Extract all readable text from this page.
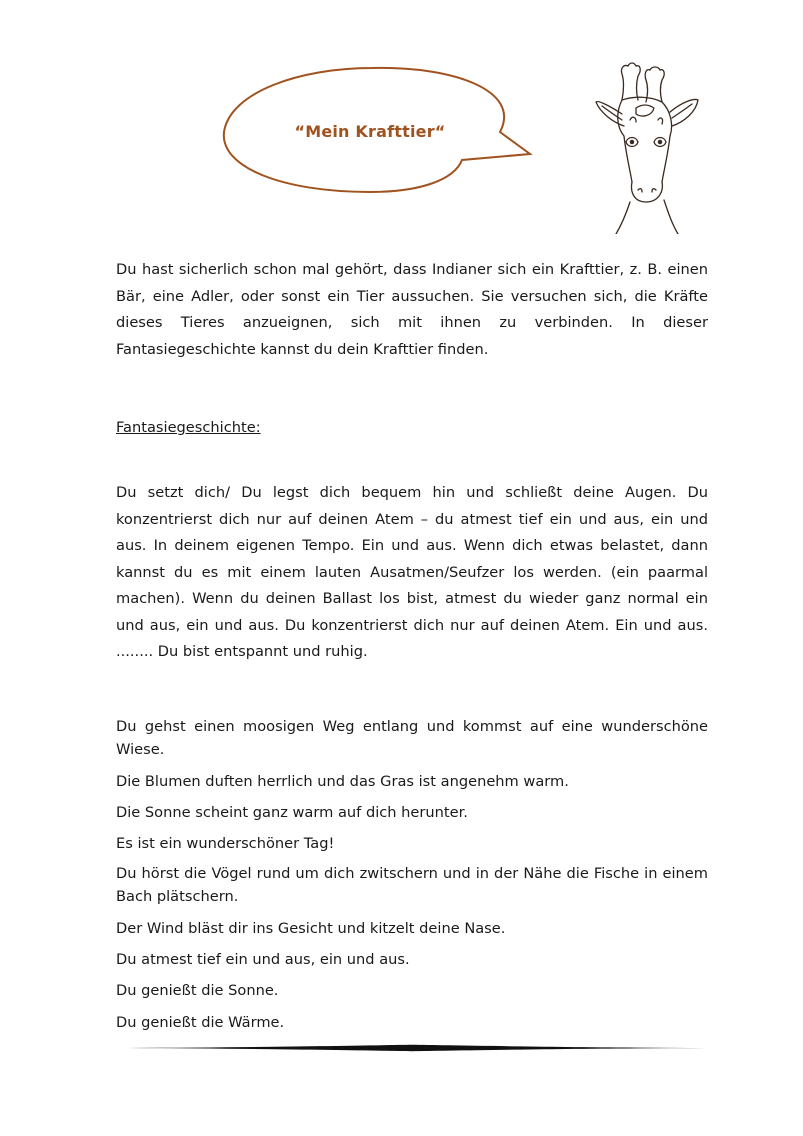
“Mein Krafttier“

Du hast sicherlich schon mal gehört, dass Indianer sich ein Krafttier, z. B. einen Bär, eine Adler, oder sonst ein Tier aussuchen. Sie versuchen sich, die Kräfte dieses Tieres anzueignen, sich mit ihnen zu verbinden. In dieser Fantasiegeschichte kannst du dein Krafttier finden.

Fantasiegeschichte:

Du setzt dich/ Du legst dich bequem hin und schließt deine Augen. Du konzentrierst dich nur auf deinen Atem – du atmest tief ein und aus, ein und aus. In deinem eigenen Tempo. Ein und aus. Wenn dich etwas belastet, dann kannst du es mit einem lauten Ausatmen/Seufzer los werden. (ein paarmal machen). Wenn du deinen Ballast los bist, atmest du wieder ganz normal ein und aus, ein und aus. Du konzentrierst dich nur auf deinen Atem. Ein und aus. ........ Du bist entspannt und ruhig.

Du gehst einen moosigen Weg entlang und kommst auf eine wunderschöne Wiese.

Die Blumen duften herrlich und das Gras ist angenehm warm.

Die Sonne scheint ganz warm auf dich herunter.

Es ist ein wunderschöner Tag!

Du hörst die Vögel rund um dich zwitschern und in der Nähe die Fische in einem Bach plätschern.

Der Wind bläst dir ins Gesicht und kitzelt deine Nase.

Du atmest tief ein und aus, ein und aus.

Du genießt die Sonne.

Du genießt die Wärme.
